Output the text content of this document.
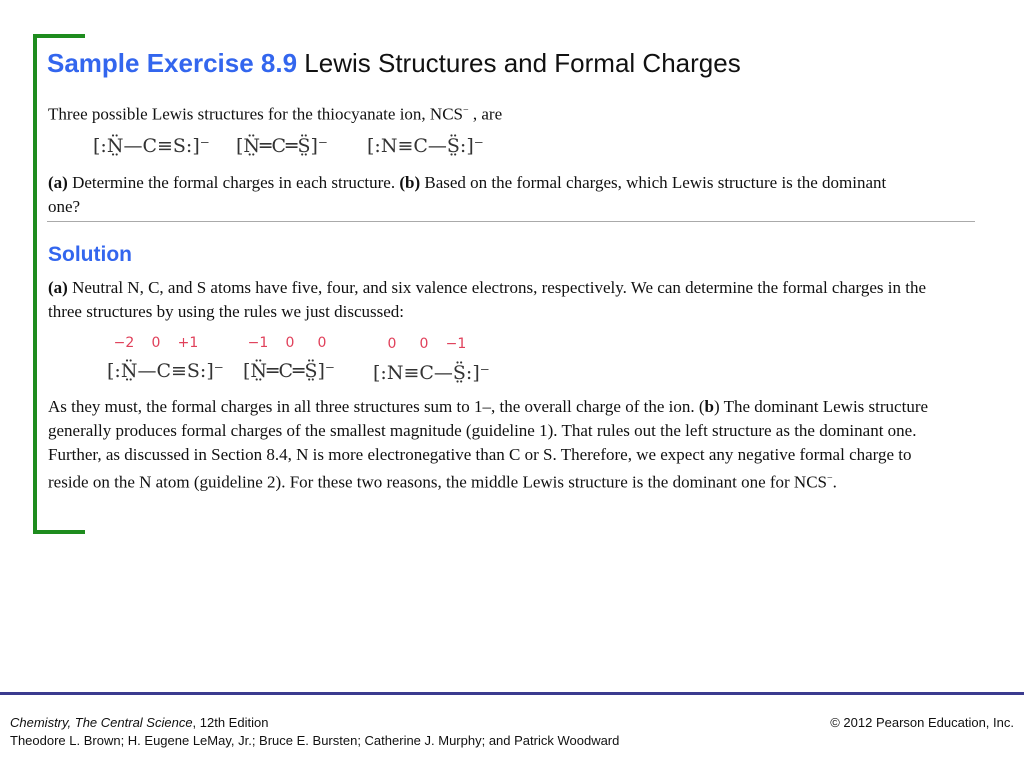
Sample Exercise 8.9 Lewis Structures and Formal Charges
Three possible Lewis structures for the thiocyanate ion, NCS− , are
[:N̤̈—C≡S:]⁻ [N̤̈═C═S̤̈]⁻ [:N≡C—S̤̈:]⁻
(a) Determine the formal charges in each structure. (b) Based on the formal charges, which Lewis structure is the dominant one?
Solution
(a) Neutral N, C, and S atoms have five, four, and six valence electrons, respectively. We can determine the formal charges in the three structures by using the rules we just discussed:
−2 0 +1	−1 0 0	0 0 −1
[:N̤̈—C≡S:]⁻ [N̤̈═C═S̤̈]⁻ [:N≡C—S̤̈:]⁻
As they must, the formal charges in all three structures sum to 1–, the overall charge of the ion. (b) The dominant Lewis structure generally produces formal charges of the smallest magnitude (guideline 1). That rules out the left structure as the dominant one. Further, as discussed in Section 8.4, N is more electronegative than C or S. Therefore, we expect any negative formal charge to reside on the N atom (guideline 2). For these two reasons, the middle Lewis structure is the dominant one for NCS−.
Chemistry, The Central Science, 12th Edition
Theodore L. Brown; H. Eugene LeMay, Jr.; Bruce E. Bursten; Catherine J. Murphy; and Patrick Woodward
© 2012 Pearson Education, Inc.
